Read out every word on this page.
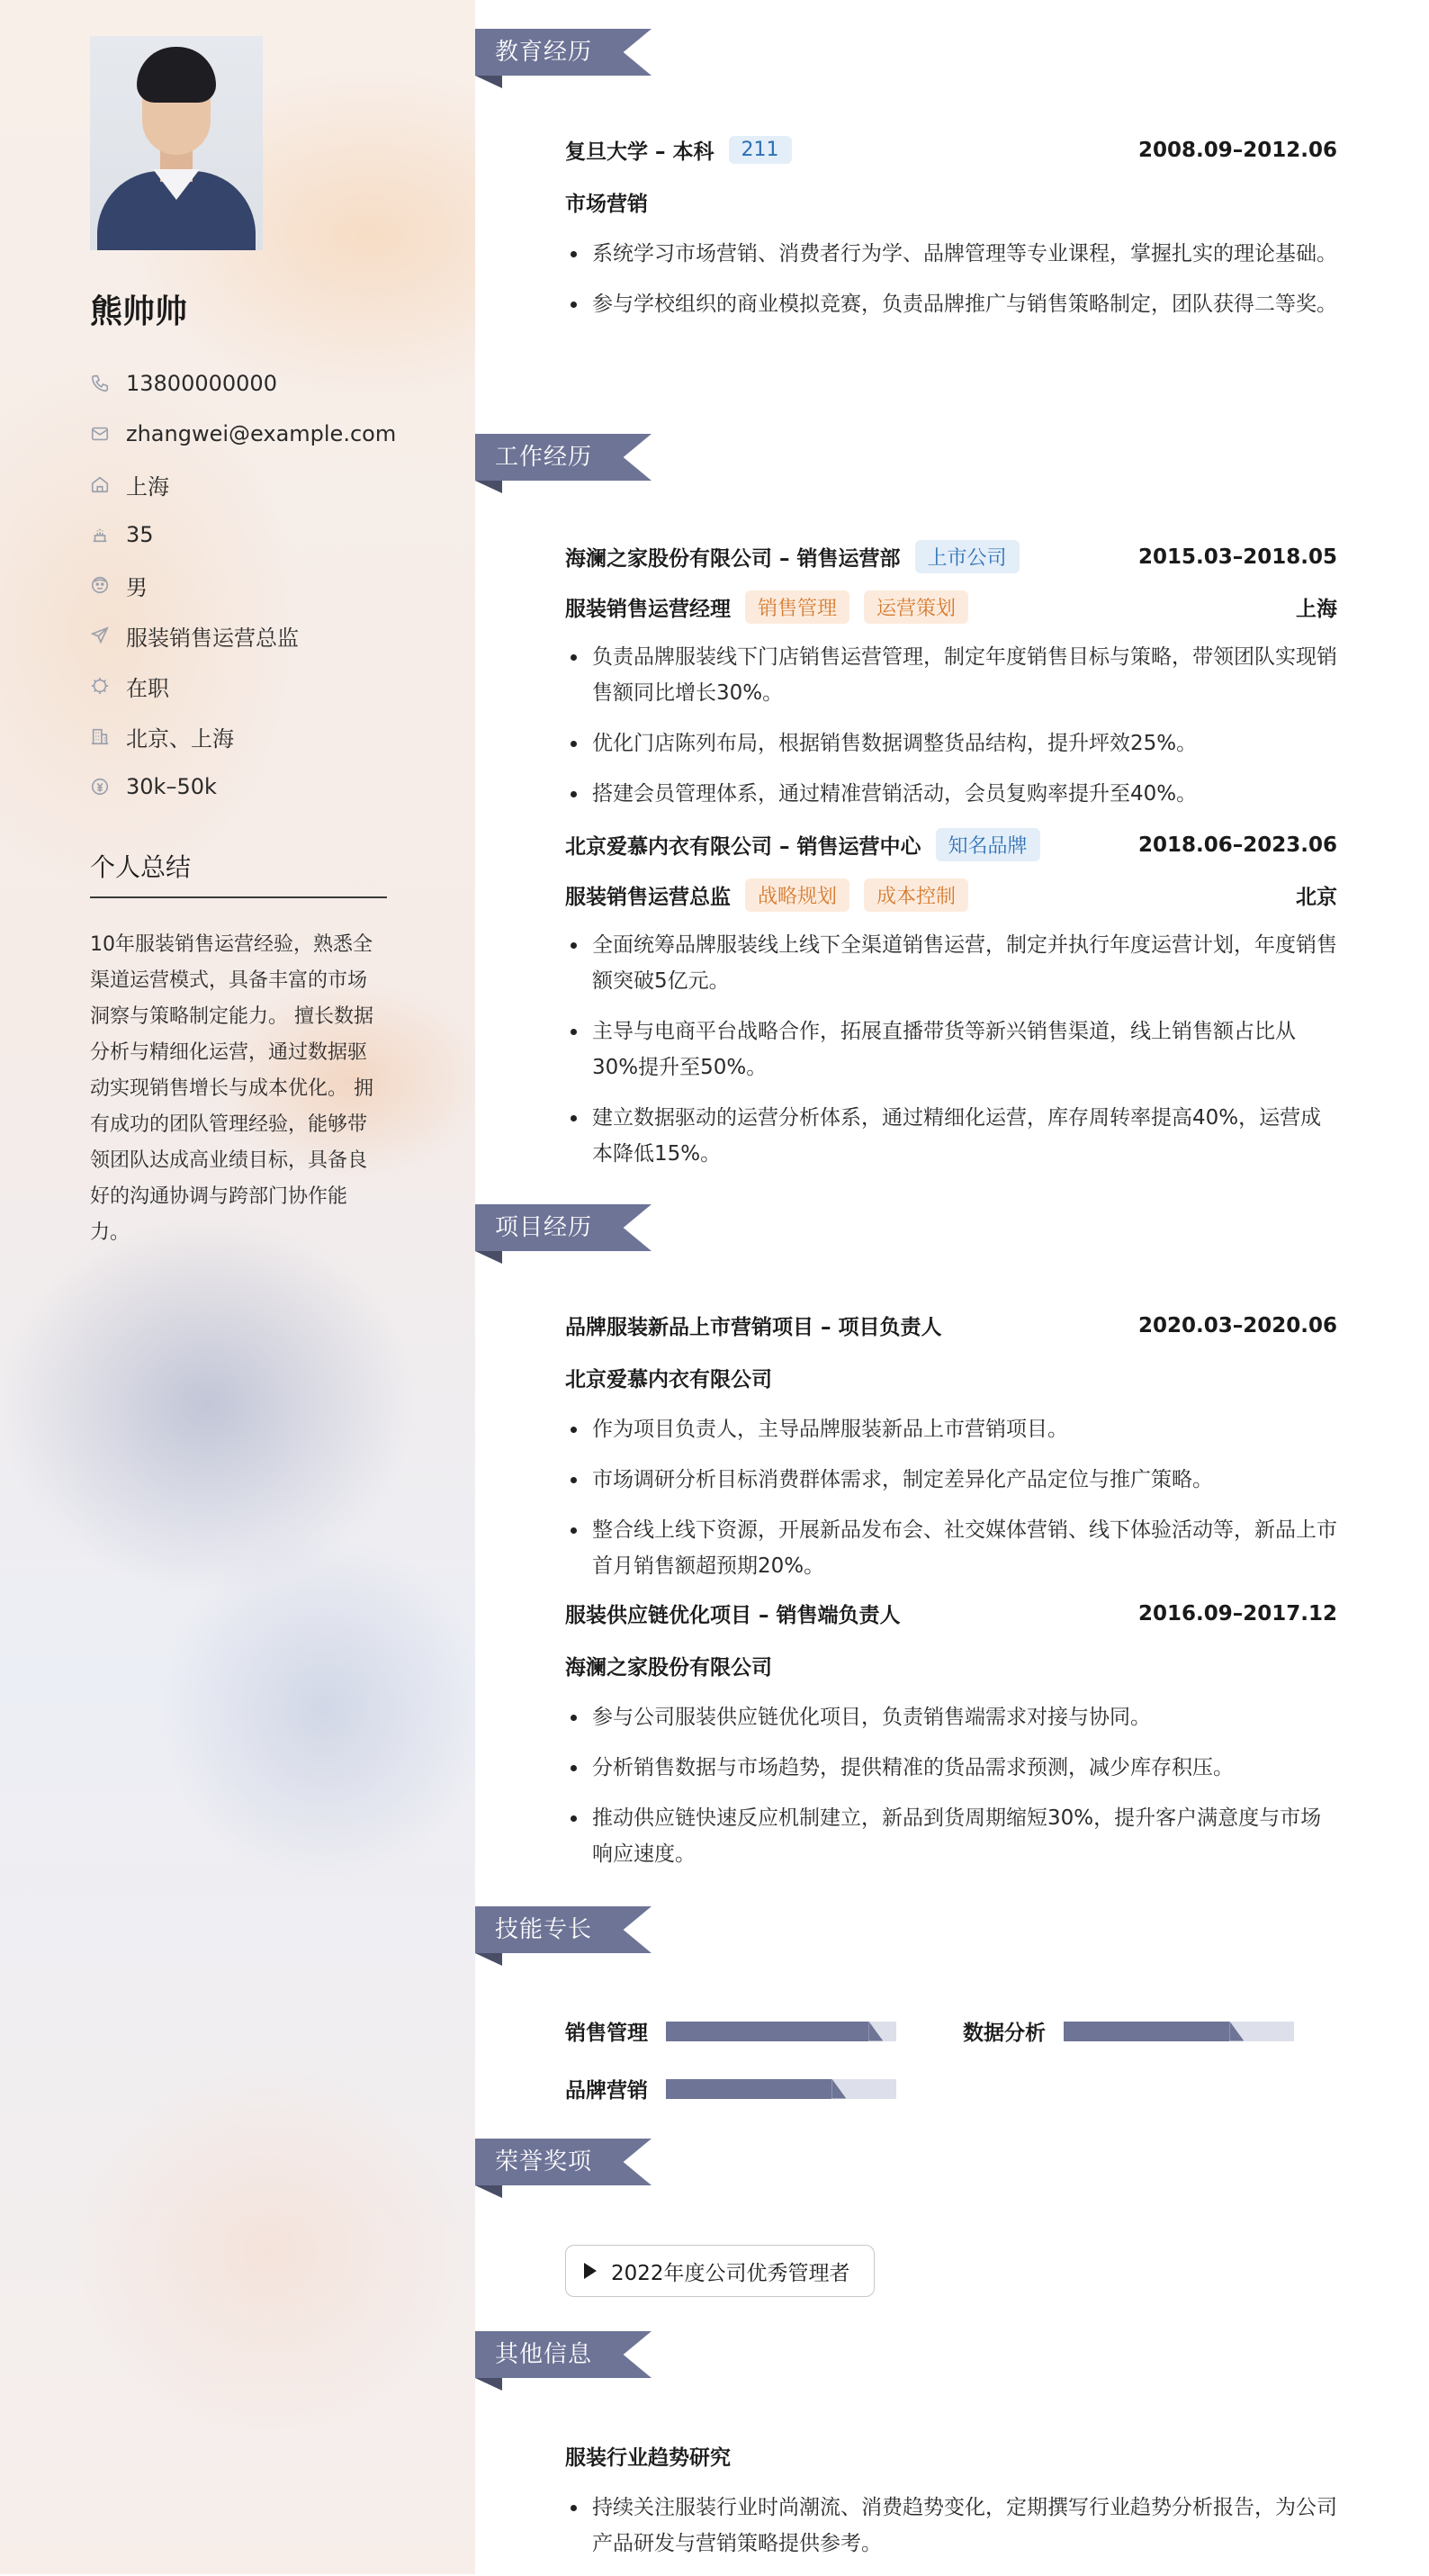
熊帅帅
13800000000
zhangwei@example.com
上海
35
男
服装销售运营总监
在职
北京、上海
30k–50k
个人总结
10年服装销售运营经验，熟悉全渠道运营模式，具备丰富的市场洞察与策略制定能力。 擅长数据分析与精细化运营，通过数据驱动实现销售增长与成本优化。 拥有成功的团队管理经验，能够带领团队达成高业绩目标，具备良好的沟通协调与跨部门协作能力。
教育经历
复旦大学 – 本科	211	2008.09–2012.06
市场营销
系统学习市场营销、消费者行为学、品牌管理等专业课程，掌握扎实的理论基础。
参与学校组织的商业模拟竞赛，负责品牌推广与销售策略制定，团队获得二等奖。
工作经历
海澜之家股份有限公司 – 销售运营部	上市公司	2015.03–2018.05
服装销售运营经理	销售管理	运营策划	上海
负责品牌服装线下门店销售运营管理，制定年度销售目标与策略，带领团队实现销售额同比增长30%。
优化门店陈列布局，根据销售数据调整货品结构，提升坪效25%。
搭建会员管理体系，通过精准营销活动，会员复购率提升至40%。
北京爱慕内衣有限公司 – 销售运营中心	知名品牌	2018.06–2023.06
服装销售运营总监	战略规划	成本控制	北京
全面统筹品牌服装线上线下全渠道销售运营，制定并执行年度运营计划，年度销售额突破5亿元。
主导与电商平台战略合作，拓展直播带货等新兴销售渠道，线上销售额占比从30%提升至50%。
建立数据驱动的运营分析体系，通过精细化运营，库存周转率提高40%，运营成本降低15%。
项目经历
品牌服装新品上市营销项目 – 项目负责人	2020.03–2020.06
北京爱慕内衣有限公司
作为项目负责人，主导品牌服装新品上市营销项目。
市场调研分析目标消费群体需求，制定差异化产品定位与推广策略。
整合线上线下资源，开展新品发布会、社交媒体营销、线下体验活动等，新品上市首月销售额超预期20%。
服装供应链优化项目 – 销售端负责人	2016.09–2017.12
海澜之家股份有限公司
参与公司服装供应链优化项目，负责销售端需求对接与协同。
分析销售数据与市场趋势，提供精准的货品需求预测，减少库存积压。
推动供应链快速反应机制建立，新品到货周期缩短30%，提升客户满意度与市场响应速度。
技能专长
销售管理	数据分析
品牌营销
荣誉奖项
2022年度公司优秀管理者
其他信息
服装行业趋势研究
持续关注服装行业时尚潮流、消费趋势变化，定期撰写行业趋势分析报告，为公司产品研发与营销策略提供参考。
